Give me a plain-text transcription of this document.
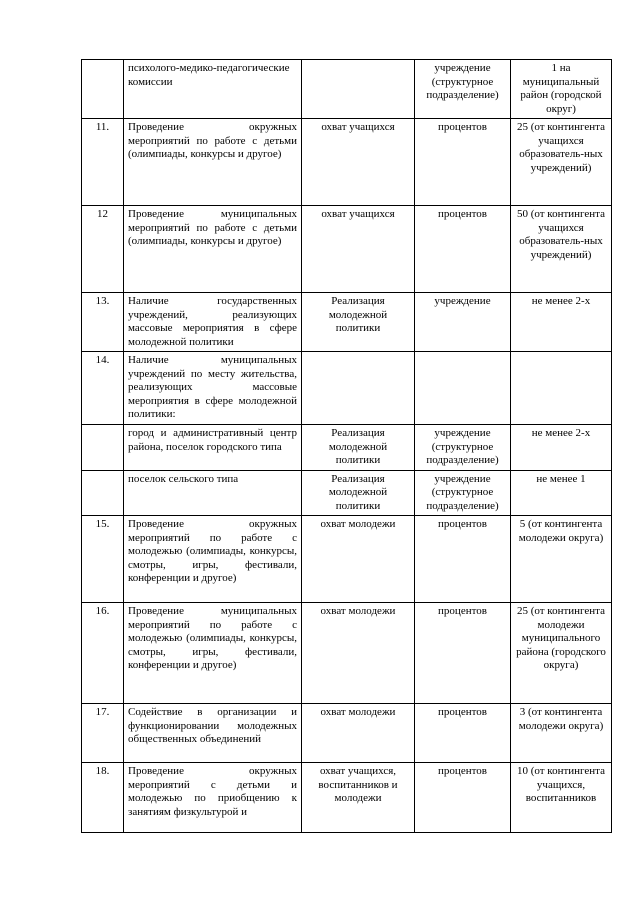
	психолого-медико-педагогические комиссии		учреждение (структурное подразделение)	1 на муниципальный район (городской округ)
11.	Проведение окружных мероприятий по работе с детьми (олимпиады, конкурсы и другое)	охват учащихся	процентов	25 (от контингента учащихся образователь-ных учреждений)
12	Проведение муниципальных мероприятий по работе с детьми (олимпиады, конкурсы и другое)	охват учащихся	процентов	50 (от контингента учащихся образователь-ных учреждений)
13.	Наличие государственных учреждений, реализующих массовые мероприятия в сфере молодежной политики	Реализация молодежной политики	учреждение	не менее 2-х
14.	Наличие муниципальных учреждений по месту жительства, реализующих массовые мероприятия в сфере молодежной политики:			
	город и административный центр района, поселок городского типа	Реализация молодежной политики	учреждение (структурное подразделение)	не менее 2-х
	поселок сельского типа	Реализация молодежной политики	учреждение (структурное подразделение)	не менее 1
15.	Проведение окружных мероприятий по работе с молодежью (олимпиады, конкурсы, смотры, игры, фестивали, конференции и другое)	охват молодежи	процентов	5 (от контингента молодежи округа)
16.	Проведение муниципальных мероприятий по работе с молодежью (олимпиады, конкурсы, смотры, игры, фестивали, конференции и другое)	охват молодежи	процентов	25 (от контингента молодежи муниципального района (городского округа)
17.	Содействие в организации и функционировании молодежных общественных объединений	охват молодежи	процентов	3 (от контингента молодежи округа)
18.	Проведение окружных мероприятий с детьми и молодежью по приобщению к занятиям физкультурой и	охват учащихся, воспитанников и молодежи	процентов	10 (от контингента учащихся, воспитанников
